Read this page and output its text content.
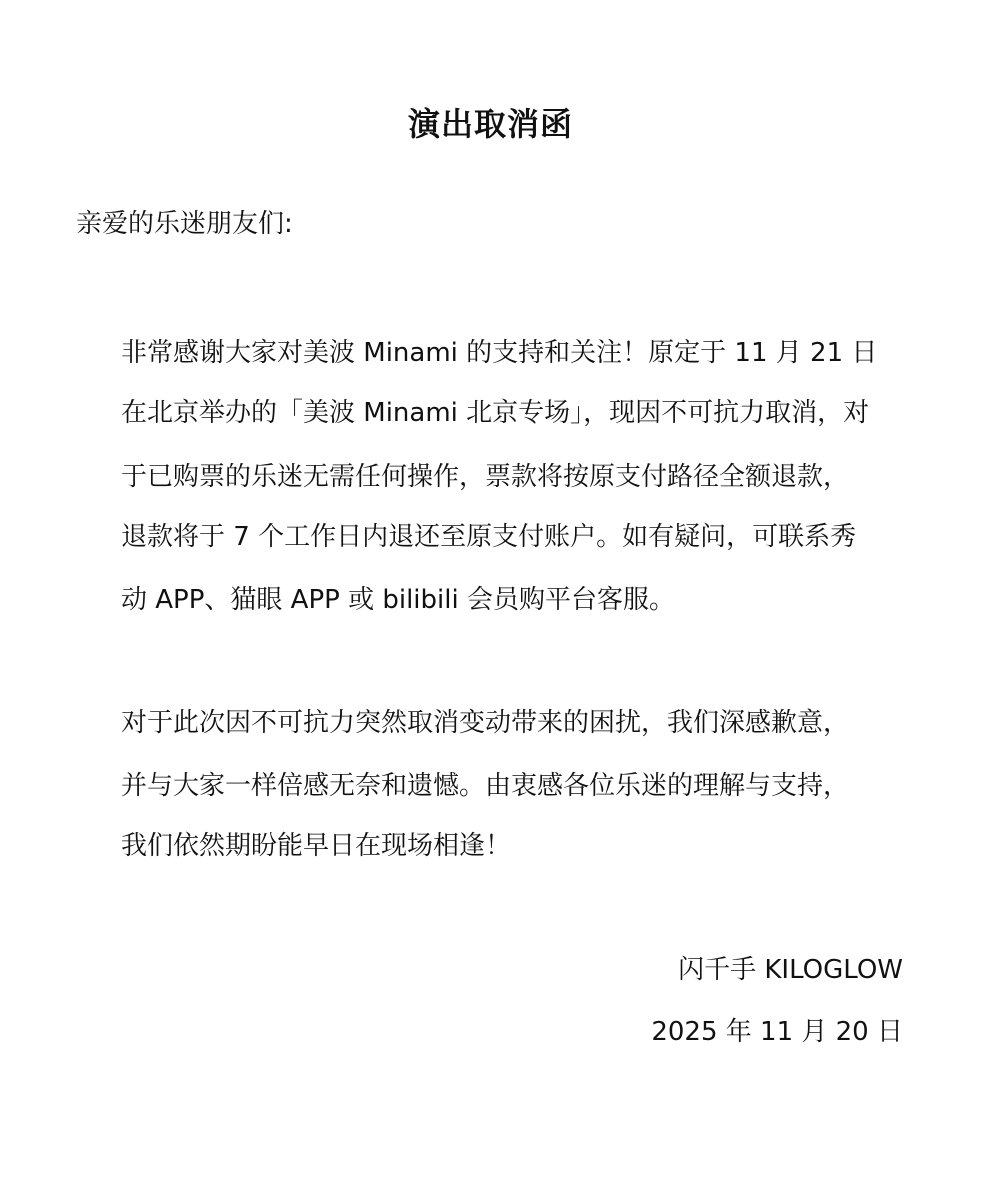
演出取消函
亲爱的乐迷朋友们:
非常感谢大家对美波 Minami 的支持和关注！原定于 11 月 21 日
在北京举办的「美波 Minami 北京专场」，现因不可抗力取消，对
于已购票的乐迷无需任何操作，票款将按原支付路径全额退款，
退款将于 7 个工作日内退还至原支付账户。如有疑问，可联系秀
动 APP、猫眼 APP 或 bilibili 会员购平台客服。
对于此次因不可抗力突然取消变动带来的困扰，我们深感歉意，
并与大家一样倍感无奈和遗憾。由衷感各位乐迷的理解与支持，
我们依然期盼能早日在现场相逢！
闪千手 KILOGLOW
2025 年 11 月 20 日
